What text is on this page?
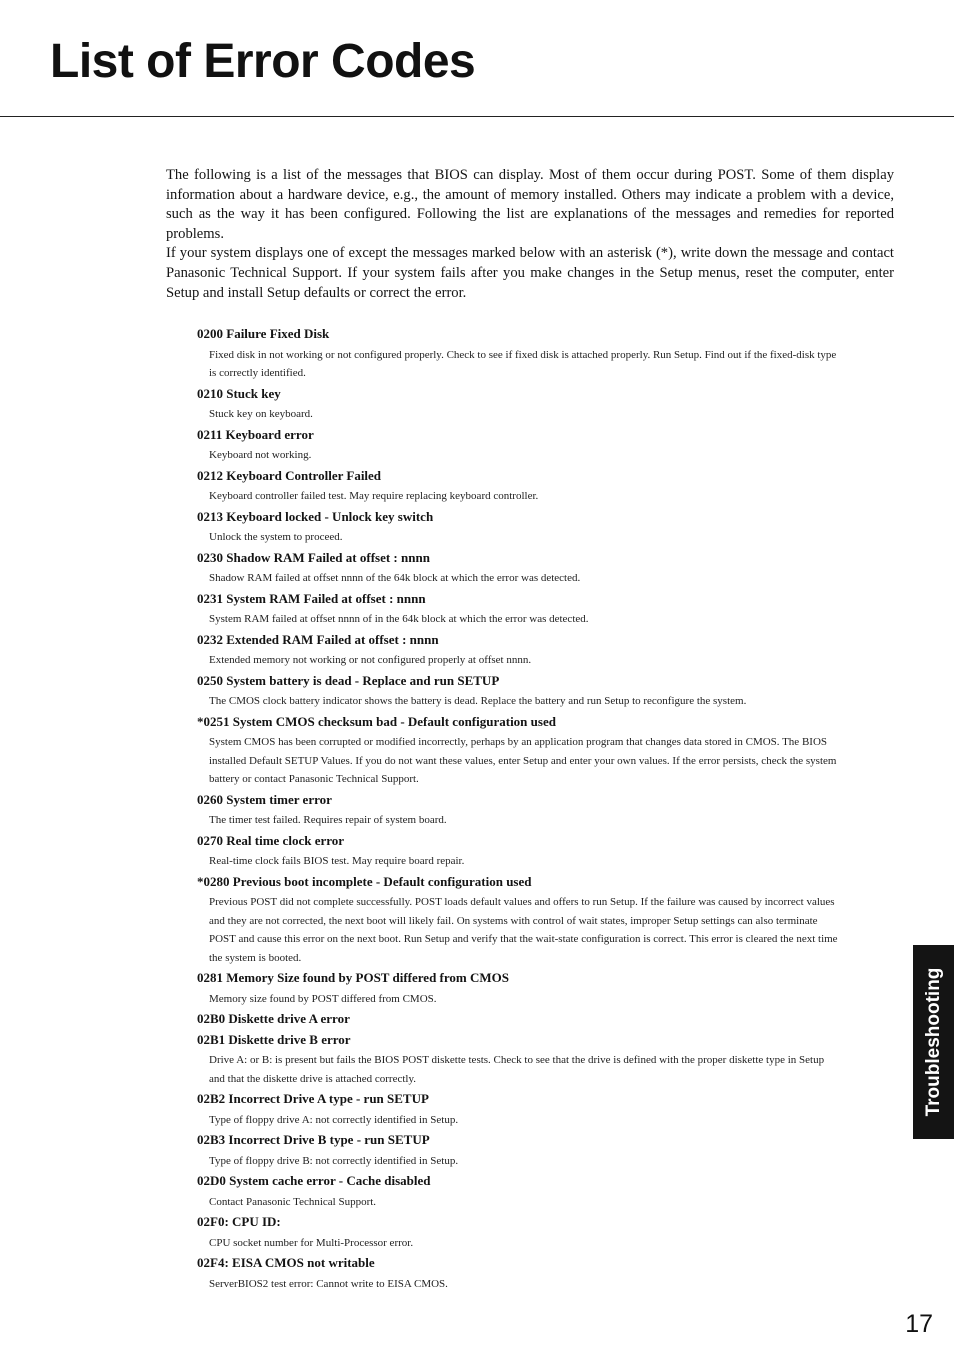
List of Error Codes

The following is a list of the messages that BIOS can display. Most of them occur during POST. Some of them display information about a hardware device, e.g., the amount of memory installed. Others may indicate a problem with a device, such as the way it has been configured. Following the list are explanations of the messages and remedies for reported problems.

If your system displays one of except the messages marked below with an asterisk (*), write down the message and contact Panasonic Technical Support. If your system fails after you make changes in the Setup menus, reset the computer, enter Setup and install Setup defaults or correct the error.

0200 Failure Fixed Disk
Fixed disk in not working or not configured properly. Check to see if fixed disk is attached properly. Run Setup. Find out if the fixed-disk type is correctly identified.
0210 Stuck key
Stuck key on keyboard.
0211 Keyboard error
Keyboard not working.
0212 Keyboard Controller Failed
Keyboard controller failed test. May require replacing keyboard controller.
0213 Keyboard locked - Unlock key switch
Unlock the system to proceed.
0230 Shadow RAM Failed at offset : nnnn
Shadow RAM failed at offset nnnn of the 64k block at which the error was detected.
0231 System RAM Failed at offset : nnnn
System RAM failed at offset nnnn of in the 64k block at which the error was detected.
0232 Extended RAM Failed at offset : nnnn
Extended memory not working or not configured properly at offset nnnn.
0250 System battery is dead - Replace and run SETUP
The CMOS clock battery indicator shows the battery is dead. Replace the battery and run Setup to reconfigure the system.
*0251 System CMOS checksum bad - Default configuration used
System CMOS has been corrupted or modified incorrectly, perhaps by an application program that changes data stored in CMOS. The BIOS installed Default SETUP Values. If you do not want these values, enter Setup and enter your own values. If the error persists, check the system battery or contact Panasonic Technical Support.
0260 System timer error
The timer test failed. Requires repair of system board.
0270 Real time clock error
Real-time clock fails BIOS test. May require board repair.
*0280 Previous boot incomplete - Default configuration used
Previous POST did not complete successfully. POST loads default values and offers to run Setup. If the failure was caused by incorrect values and they are not corrected, the next boot will likely fail. On systems with control of wait states, improper Setup settings can also terminate POST and cause this error on the next boot. Run Setup and verify that the wait-state configuration is correct. This error is cleared the next time the system is booted.
0281 Memory Size found by POST differed from CMOS
Memory size found by POST differed from CMOS.
02B0 Diskette drive A error
02B1 Diskette drive B error
Drive A: or B: is present but fails the BIOS POST diskette tests. Check to see that the drive is defined with the proper diskette type in Setup and that the diskette drive is attached correctly.
02B2 Incorrect Drive A type - run SETUP
Type of floppy drive A: not correctly identified in Setup.
02B3 Incorrect Drive B type - run SETUP
Type of floppy drive B: not correctly identified in Setup.
02D0 System cache error - Cache disabled
Contact Panasonic Technical Support.
02F0: CPU ID:
CPU socket number for Multi-Processor error.
02F4: EISA CMOS not writable
ServerBIOS2 test error: Cannot write to EISA CMOS.
Troubleshooting
17
